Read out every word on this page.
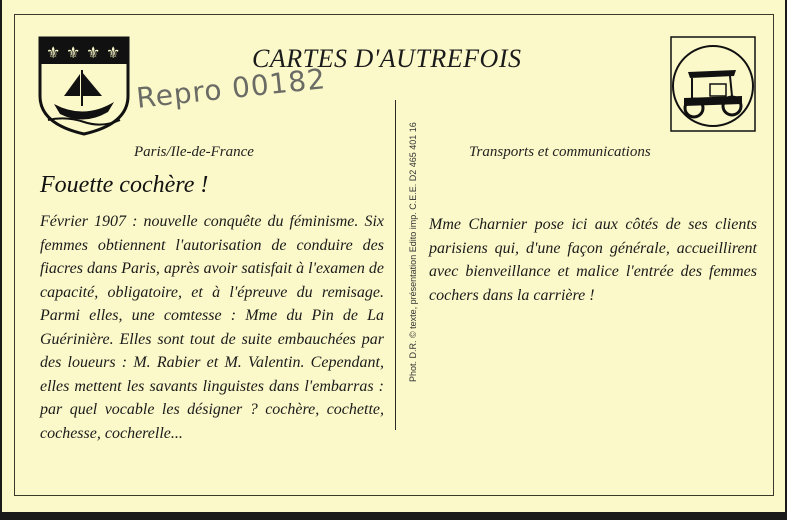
⚜ ⚜ ⚜ ⚜	CARTES D'AUTREFOIS
Repro 00182
Paris/Ile-de-France	Transports et communications
Phot. D.R. © texte, présentation Edito imp. C.E.E. D2 465 401 16
Fouette cochère !
Février 1907 : nouvelle conquête du féminisme. Six femmes obtiennent l'autorisation de conduire des fiacres dans Paris, après avoir satisfait à l'examen de capacité, obligatoire, et à l'épreuve du remisage. Parmi elles, une comtesse : Mme du Pin de La Guérinière. Elles sont tout de suite embauchées par des loueurs : M. Rabier et M. Valentin. Cependant, elles mettent les savants linguistes dans l'embarras : par quel vocable les désigner ? cochère, cochette, cochesse, cocherelle...
Mme Charnier pose ici aux côtés de ses clients parisiens qui, d'une façon générale, accueillirent avec bienveillance et malice l'entrée des femmes cochers dans la carrière !
